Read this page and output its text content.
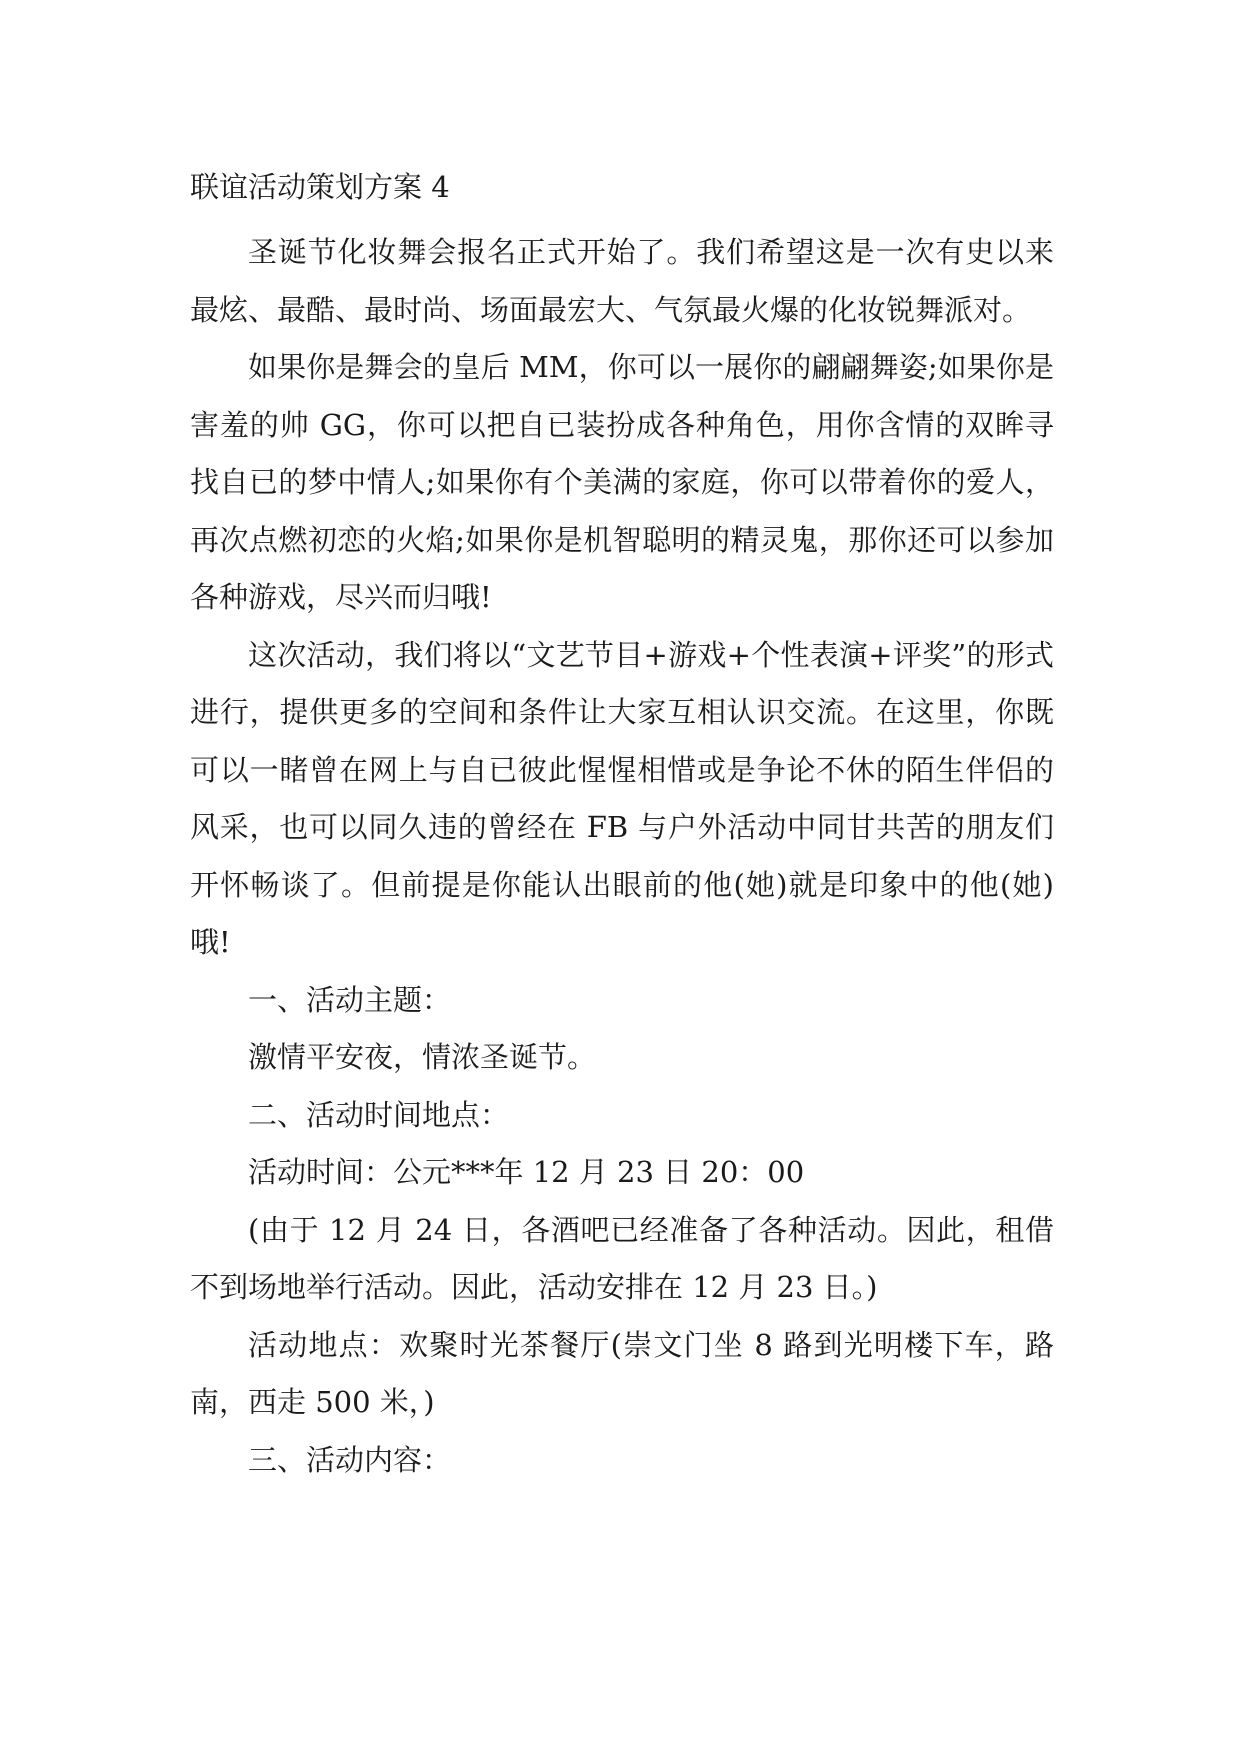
联谊活动策划方案 4

圣诞节化妆舞会报名正式开始了。我们希望这是一次有史以来最炫、最酷、最时尚、场面最宏大、气氛最火爆的化妆锐舞派对。

如果你是舞会的皇后 MM，你可以一展你的翩翩舞姿;如果你是害羞的帅 GG，你可以把自已装扮成各种角色，用你含情的双眸寻找自已的梦中情人;如果你有个美满的家庭，你可以带着你的爱人，再次点燃初恋的火焰;如果你是机智聪明的精灵鬼，那你还可以参加各种游戏，尽兴而归哦!

这次活动，我们将以“文艺节目+游戏+个性表演+评奖”的形式进行，提供更多的空间和条件让大家互相认识交流。在这里，你既可以一睹曾在网上与自已彼此惺惺相惜或是争论不休的陌生伴侣的风采，也可以同久违的曾经在 FB 与户外活动中同甘共苦的朋友们开怀畅谈了。但前提是你能认出眼前的他(她)就是印象中的他(她)哦!

一、活动主题：

激情平安夜，情浓圣诞节。

二、活动时间地点：

活动时间：公元***年 12 月 23 日 20：00

(由于 12 月 24 日，各酒吧已经准备了各种活动。因此，租借不到场地举行活动。因此，活动安排在 12 月 23 日。)

活动地点：欢聚时光茶餐厅(崇文门坐 8 路到光明楼下车，路南，西走 500 米，)

三、活动内容：
